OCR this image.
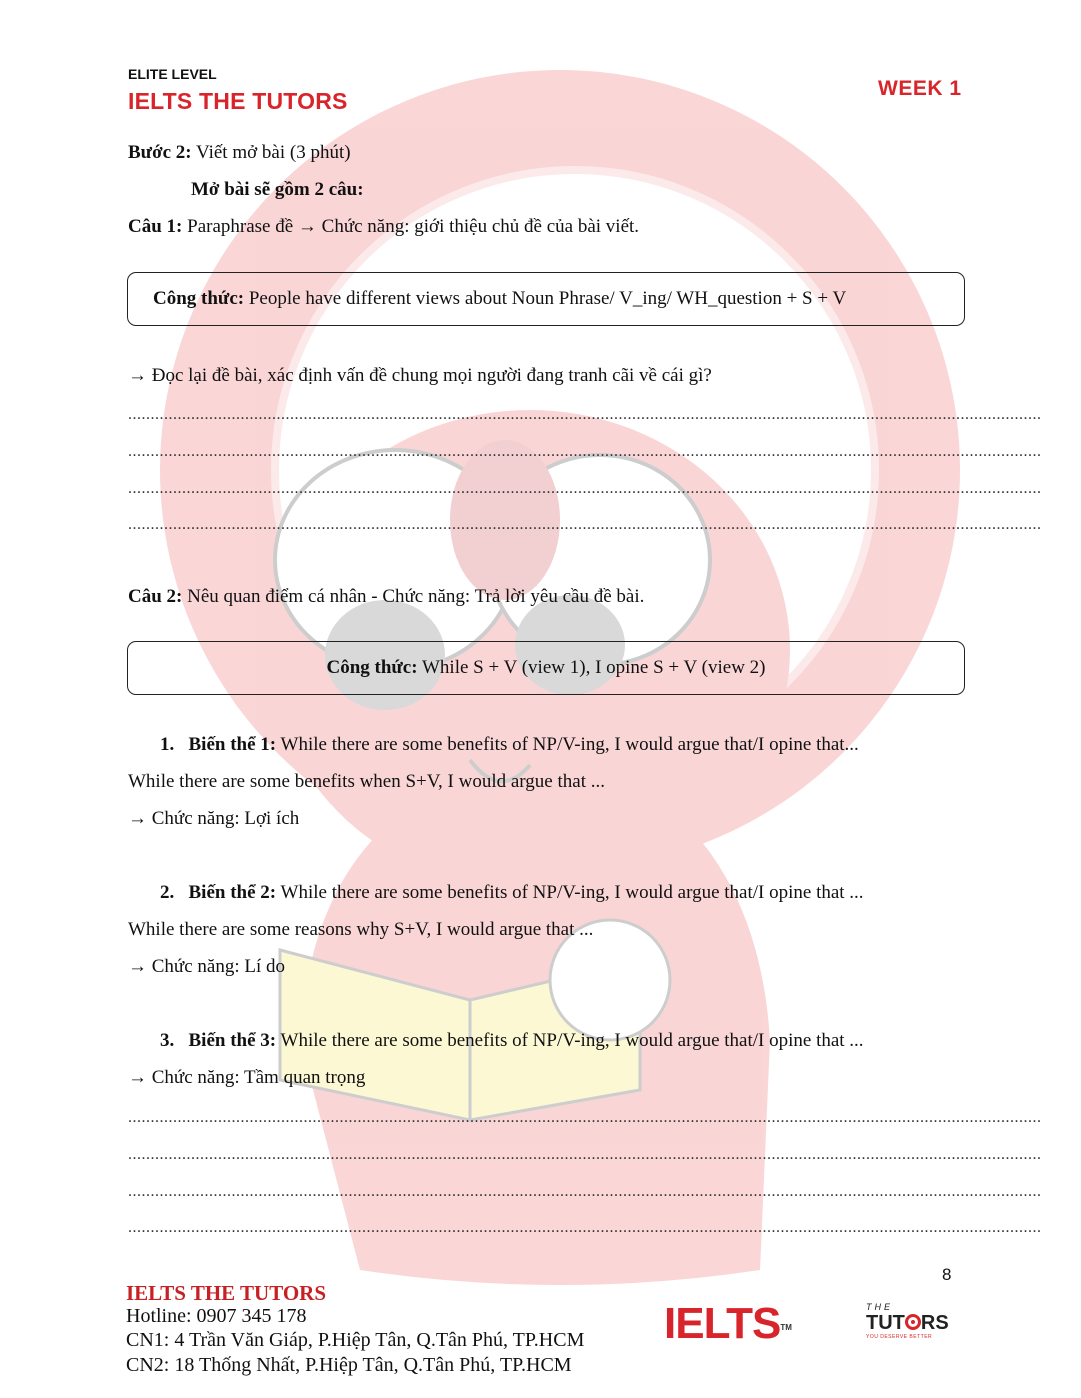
ELITE LEVEL
IELTS THE TUTORS	WEEK 1
Bước 2: Viết mở bài (3 phút)
Mở bài sẽ gồm 2 câu:
Câu 1: Paraphrase đề → Chức năng: giới thiệu chủ đề của bài viết.
Công thức: People have different views about Noun Phrase/ V_ing/ WH_question + S + V
→ Đọc lại đề bài, xác định vấn đề chung mọi người đang tranh cãi về cái gì?
...........................................................................................................................................................................................................
...........................................................................................................................................................................................................
...........................................................................................................................................................................................................
...........................................................................................................................................................................................................
Câu 2: Nêu quan điểm cá nhân - Chức năng: Trả lời yêu cầu đề bài.
Công thức: While S + V (view 1), I opine S + V (view 2)
1. Biến thể 1: While there are some benefits of NP/V-ing, I would argue that/I opine that...
While there are some benefits when S+V, I would argue that ...
→ Chức năng: Lợi ích
2. Biến thể 2: While there are some benefits of NP/V-ing, I would argue that/I opine that ...
While there are some reasons why S+V, I would argue that ...
→ Chức năng: Lí do
3. Biến thể 3: While there are some benefits of NP/V-ing, I would argue that/I opine that ...
→ Chức năng: Tầm quan trọng
...........................................................................................................................................................................................................
...........................................................................................................................................................................................................
...........................................................................................................................................................................................................
...........................................................................................................................................................................................................
8
IELTS THE TUTORS
Hotline: 0907 345 178
CN1: 4 Trần Văn Giáp, P.Hiệp Tân, Q.Tân Phú, TP.HCM
CN2: 18 Thống Nhất, P.Hiệp Tân, Q.Tân Phú, TP.HCM
IELTS™
THE
TUT RS
YOU DESERVE BETTER
